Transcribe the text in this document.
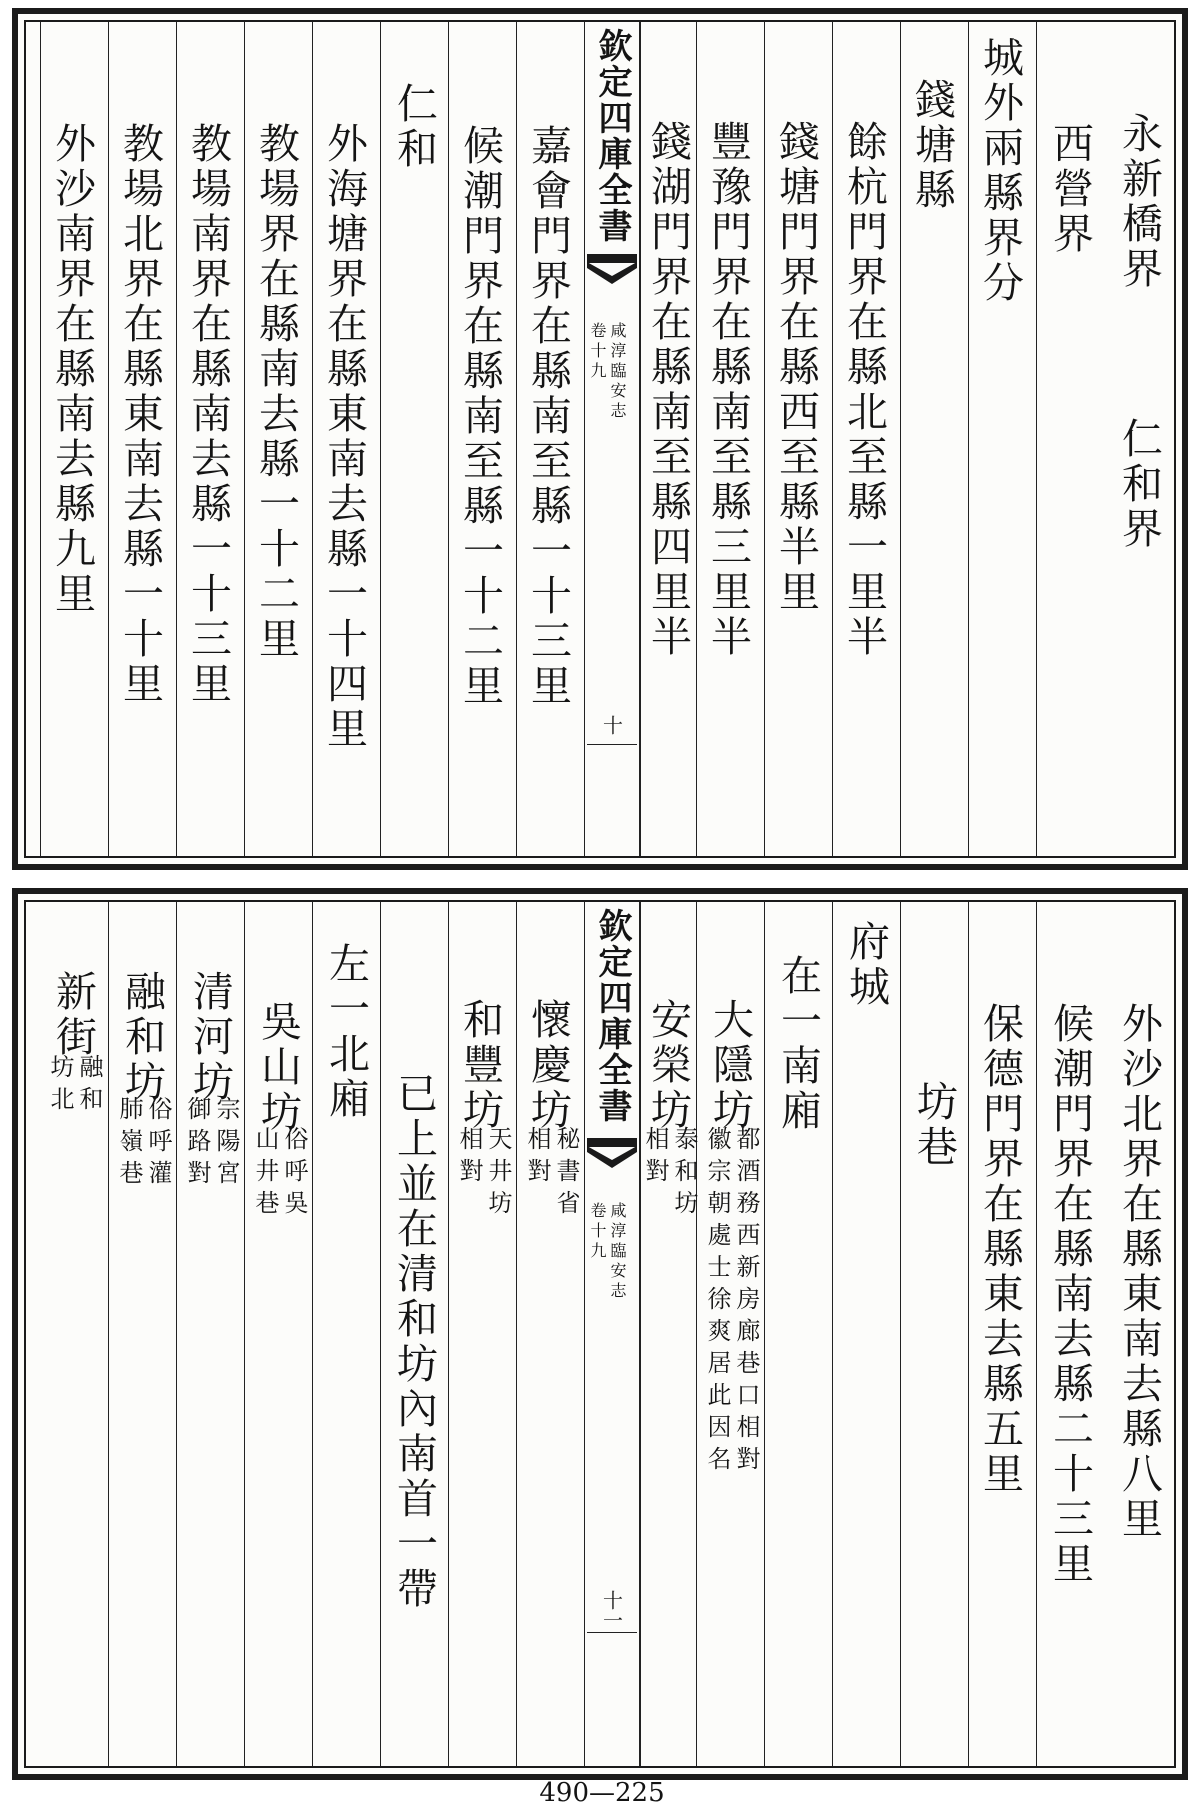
永新橋界
仁和界
西營界
城外兩縣界分
錢塘縣
餘杭門界在縣北至縣一里半
錢塘門界在縣西至縣半里
豐豫門界在縣南至縣三里半
錢湖門界在縣南至縣四里半
欽定四庫全書
咸淳臨安志
卷十九
十
嘉會門界在縣南至縣一十三里
候潮門界在縣南至縣一十二里
仁和
外海塘界在縣東南去縣一十四里
教場界在縣南去縣一十二里
教場南界在縣南去縣一十三里
教場北界在縣東南去縣一十里
外沙南界在縣南去縣九里
外沙北界在縣東南去縣八里
候潮門界在縣南去縣二十三里
保德門界在縣東去縣五里
坊巷
府城
在一南廂
大隱坊
都酒務西新房廊巷口相對
徽宗朝處士徐爽居此因名
安榮坊
泰和坊
相對
欽定四庫全書
咸淳臨安志
卷十九
十一
懷慶坊
秘書省
相對
和豐坊
天井坊
相對
已上並在清和坊內南首一帶
左一北廂
吳山坊
俗呼吳
山井巷
清河坊
宗陽宮
御路對
融和坊
俗呼灌
肺嶺巷
新街
融和
坊北
490—225
